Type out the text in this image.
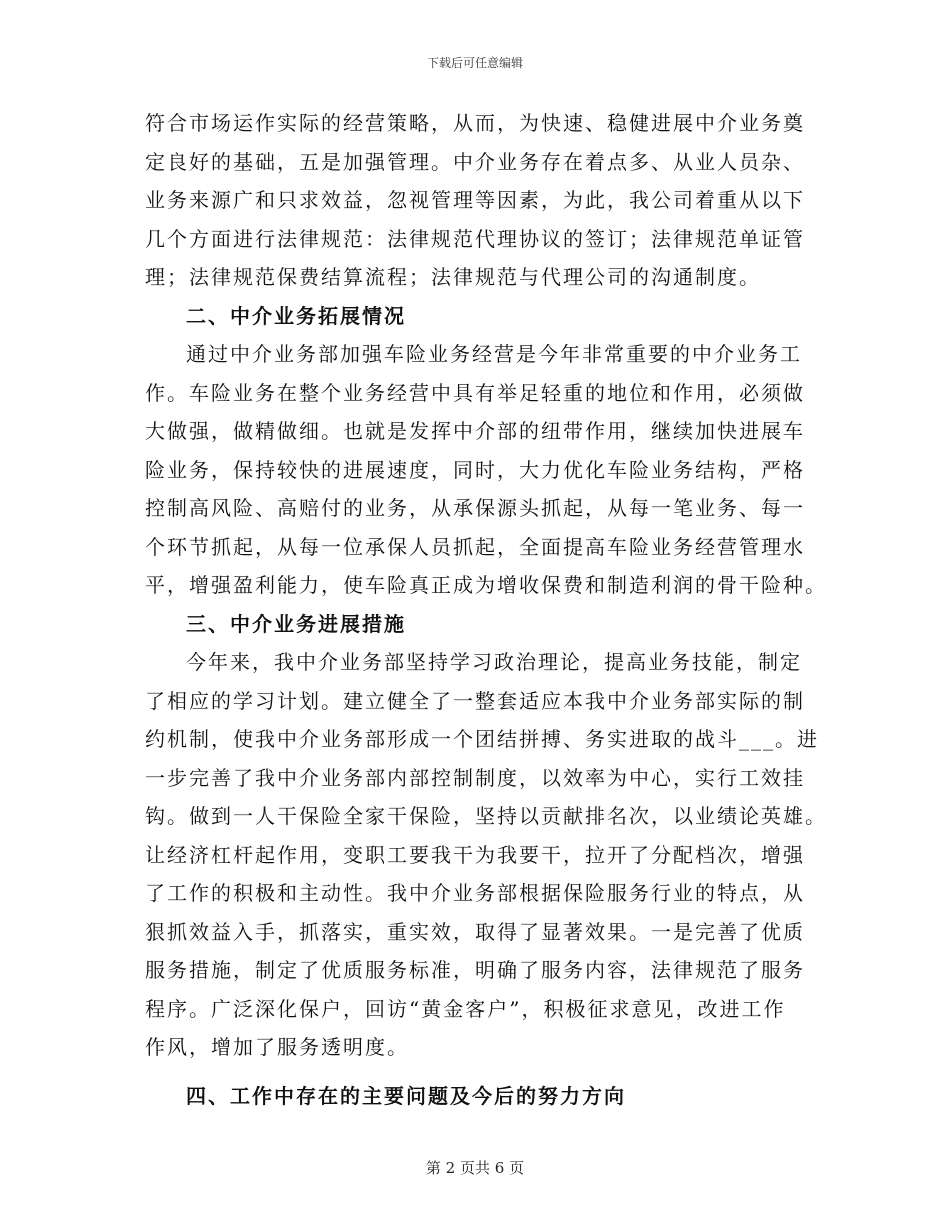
下载后可任意编辑
符合市场运作实际的经营策略，从而，为快速、稳健进展中介业务奠
定良好的基础，五是加强管理。中介业务存在着点多、从业人员杂、
业务来源广和只求效益，忽视管理等因素，为此，我公司着重从以下
几个方面进行法律规范：法律规范代理协议的签订；法律规范单证管
理；法律规范保费结算流程；法律规范与代理公司的沟通制度。
二、中介业务拓展情况
通过中介业务部加强车险业务经营是今年非常重要的中介业务工
作。车险业务在整个业务经营中具有举足轻重的地位和作用，必须做
大做强，做精做细。也就是发挥中介部的纽带作用，继续加快进展车
险业务，保持较快的进展速度，同时，大力优化车险业务结构，严格
控制高风险、高赔付的业务，从承保源头抓起，从每一笔业务、每一
个环节抓起，从每一位承保人员抓起，全面提高车险业务经营管理水
平，增强盈利能力，使车险真正成为增收保费和制造利润的骨干险种。
三、中介业务进展措施
今年来，我中介业务部坚持学习政治理论，提高业务技能，制定
了相应的学习计划。建立健全了一整套适应本我中介业务部实际的制
约机制，使我中介业务部形成一个团结拼搏、务实进取的战斗___。进
一步完善了我中介业务部内部控制制度，以效率为中心，实行工效挂
钩。做到一人干保险全家干保险，坚持以贡献排名次，以业绩论英雄。
让经济杠杆起作用，变职工要我干为我要干，拉开了分配档次，增强
了工作的积极和主动性。我中介业务部根据保险服务行业的特点，从
狠抓效益入手，抓落实，重实效，取得了显著效果。一是完善了优质
服务措施，制定了优质服务标准，明确了服务内容，法律规范了服务
程序。广泛深化保户，回访“黄金客户”，积极征求意见，改进工作
作风，增加了服务透明度。
四、工作中存在的主要问题及今后的努力方向
第 2 页共 6 页
